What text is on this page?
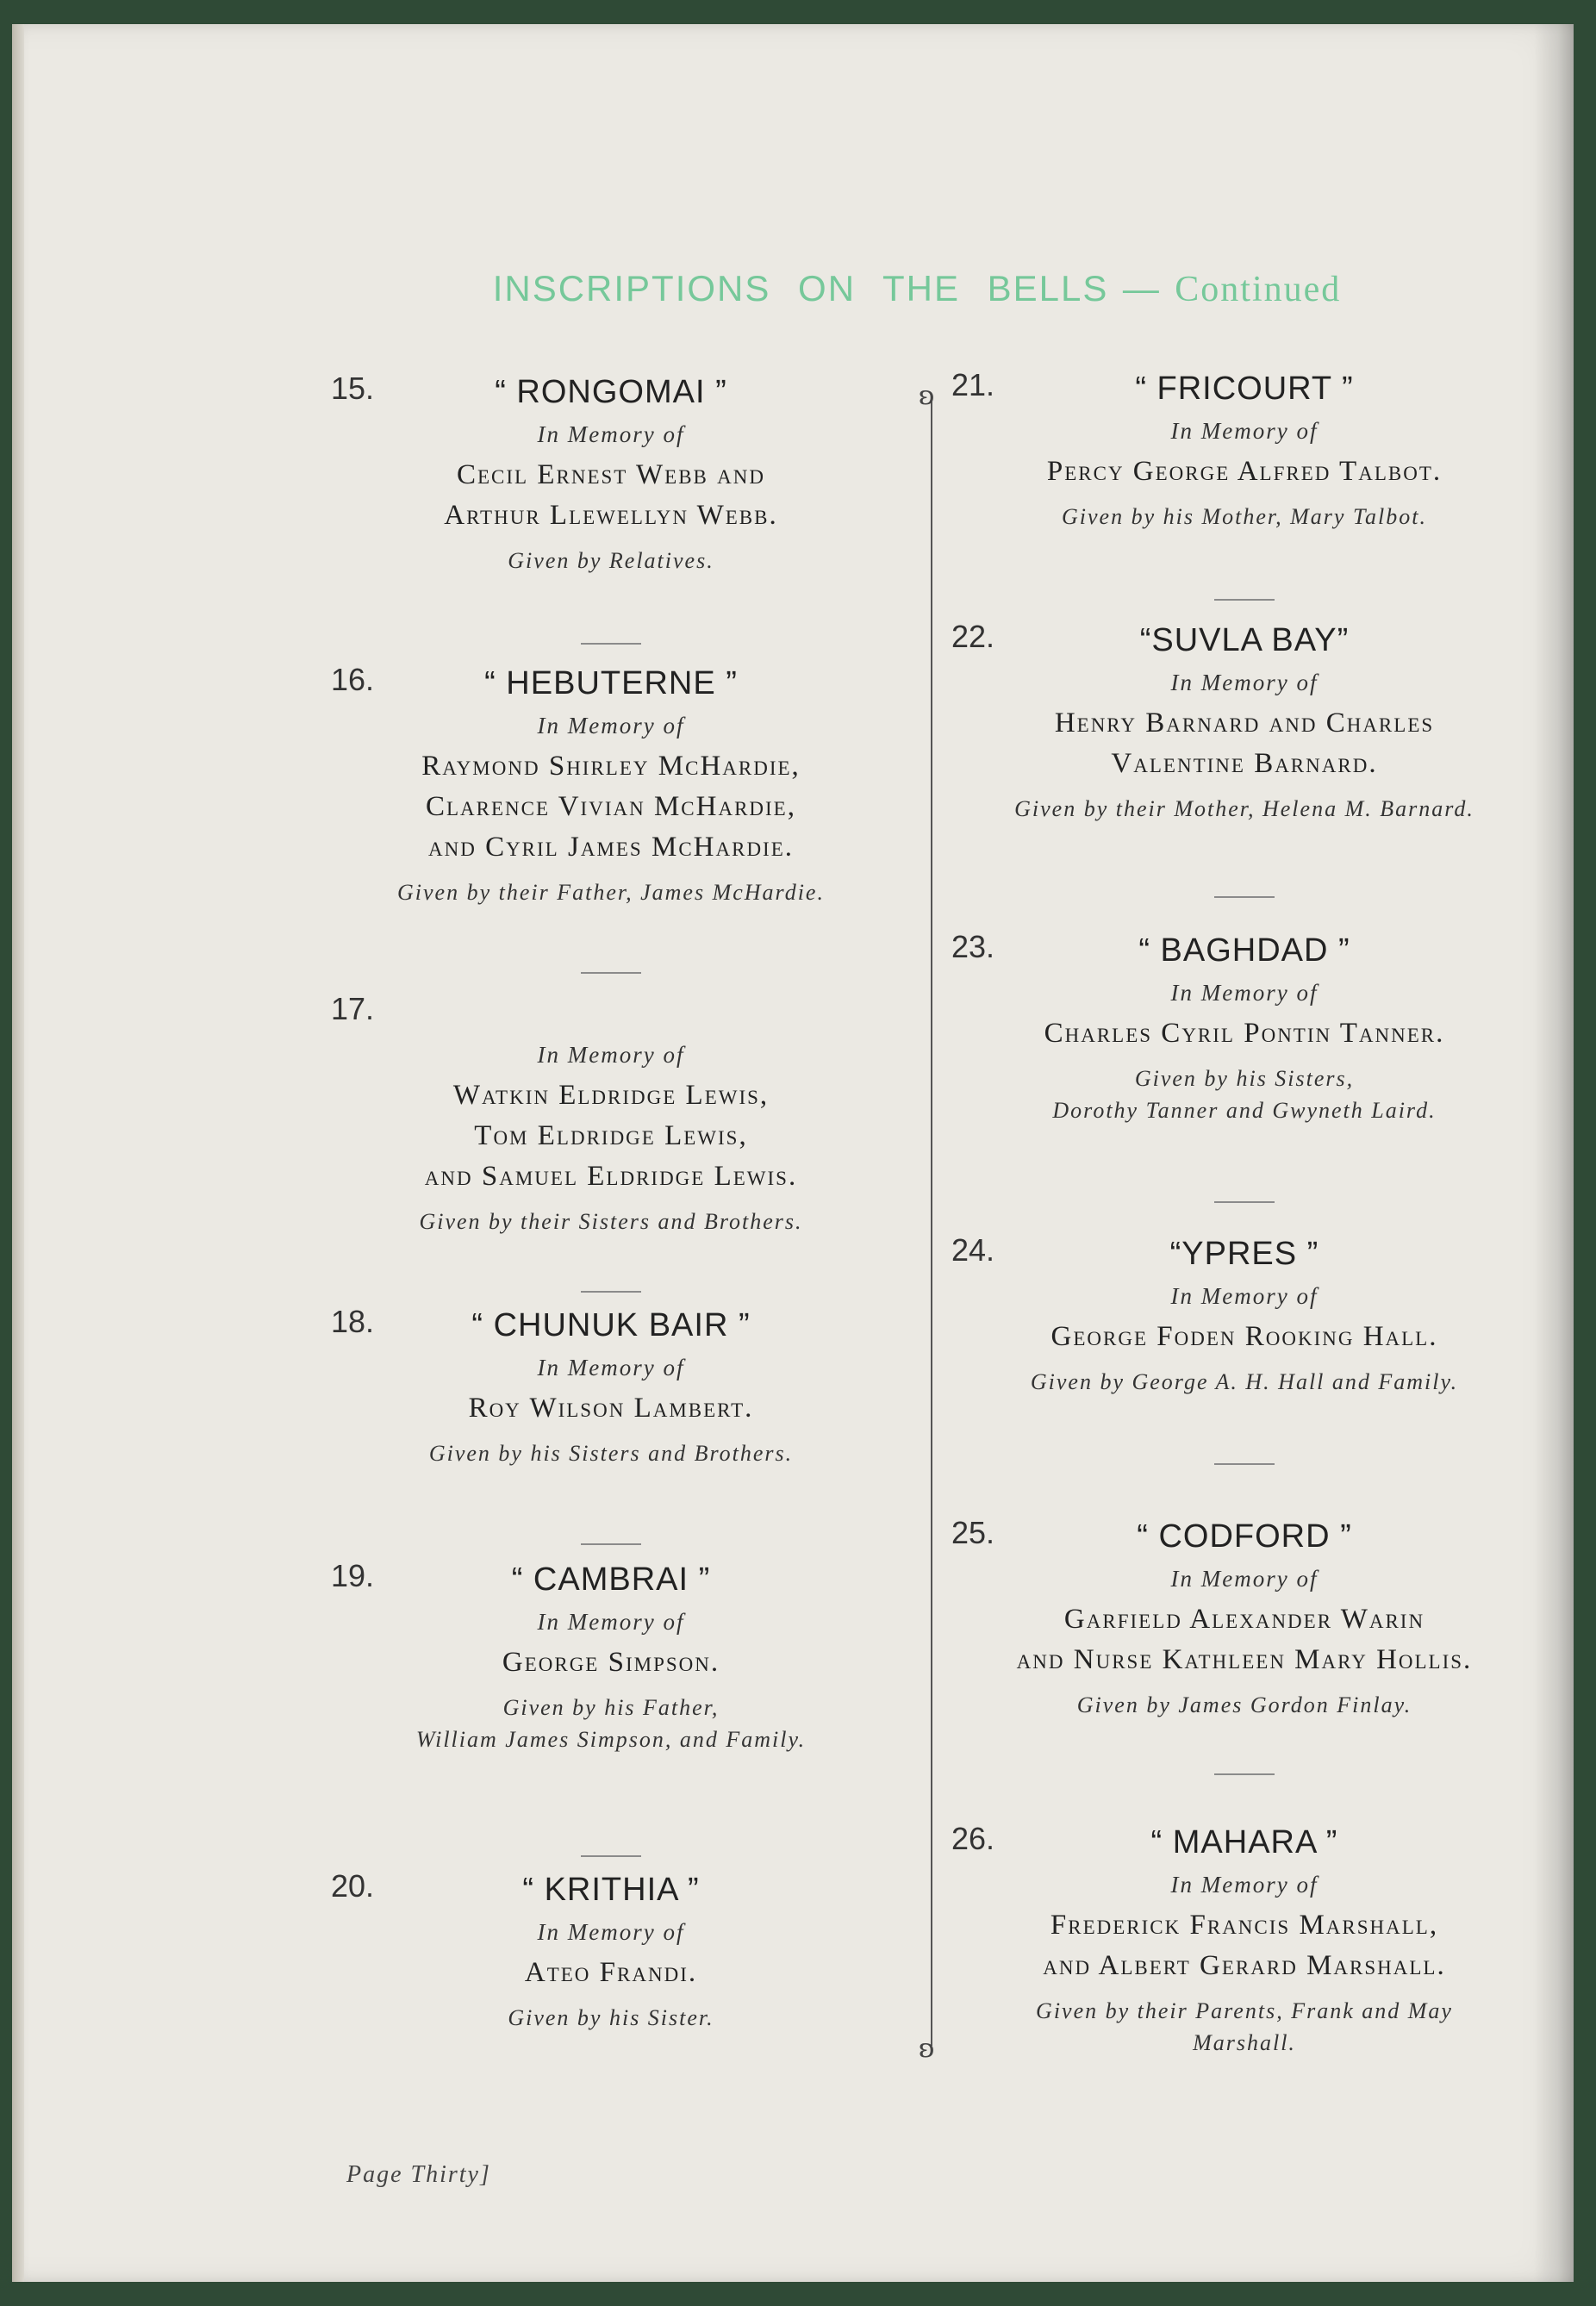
INSCRIPTIONS ON THE BELLS — Continued
15.	“ RONGOMAI ”
In Memory of
Cecil Ernest Webb and
Arthur Llewellyn Webb.
Given by Relatives.
16.	“ HEBUTERNE ”
In Memory of
Raymond Shirley McHardie,
Clarence Vivian McHardie,
and Cyril James McHardie.
Given by their Father, James McHardie.
17.
In Memory of
Watkin Eldridge Lewis,
Tom Eldridge Lewis,
and Samuel Eldridge Lewis.
Given by their Sisters and Brothers.
18.	“ CHUNUK BAIR ”
In Memory of
Roy Wilson Lambert.
Given by his Sisters and Brothers.
19.	“ CAMBRAI ”
In Memory of
George Simpson.
Given by his Father,
William James Simpson, and Family.
20.	“ KRITHIA ”
In Memory of
Ateo Frandi.
Given by his Sister.
ʚ
ʚ
21.	“ FRICOURT ”
In Memory of
Percy George Alfred Talbot.
Given by his Mother, Mary Talbot.
22.	“SUVLA BAY”
In Memory of
Henry Barnard and Charles
Valentine Barnard.
Given by their Mother, Helena M. Barnard.
23.	“ BAGHDAD ”
In Memory of
Charles Cyril Pontin Tanner.
Given by his Sisters,
Dorothy Tanner and Gwyneth Laird.
24.	“YPRES ”
In Memory of
George Foden Rooking Hall.
Given by George A. H. Hall and Family.
25.	“ CODFORD ”
In Memory of
Garfield Alexander Warin
and Nurse Kathleen Mary Hollis.
Given by James Gordon Finlay.
26.	“ MAHARA ”
In Memory of
Frederick Francis Marshall,
and Albert Gerard Marshall.
Given by their Parents, Frank and May
Marshall.
Page Thirty]
